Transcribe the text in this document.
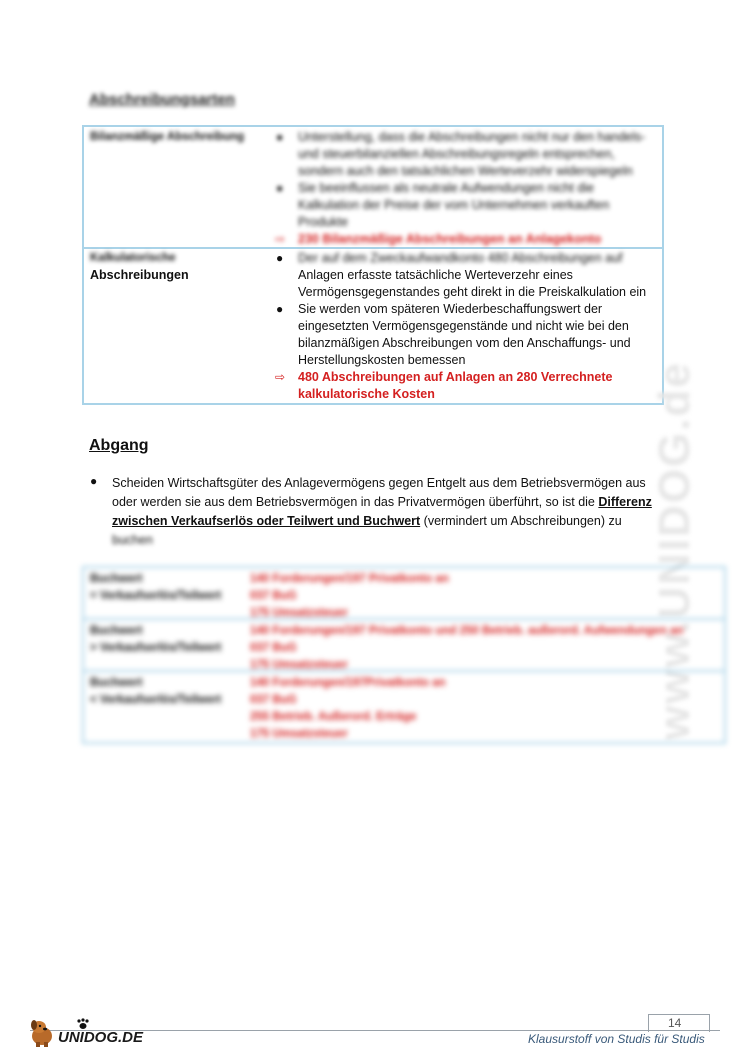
Abschreibungsarten
Bilanzmäßige Abschreibung	● Unterstellung, dass die Abschreibungen nicht nur den handels-
und steuerbilanziellen Abschreibungsregeln entsprechen,
sondern auch den tatsächlichen Werteverzehr widerspiegeln
● Sie beeinflussen als neutrale Aufwendungen nicht die
Kalkulation der Preise der vom Unternehmen verkauften
Produkte
⇨ 230 Bilanzmäßige Abschreibungen an Anlagekonto
Kalkulatorische
Abschreibungen
● Der auf dem Zweckaufwandkonto 480 Abschreibungen auf
Anlagen erfasste tatsächliche Werteverzehr eines
Vermögensgegenstandes geht direkt in die Preiskalkulation ein
● Sie werden vom späteren Wiederbeschaffungswert der
eingesetzten Vermögensgegenstände und nicht wie bei den
bilanzmäßigen Abschreibungen vom den Anschaffungs- und
Herstellungskosten bemessen
⇨ 480 Abschreibungen auf Anlagen an 280 Verrechnete
kalkulatorische Kosten	www.UNIDOG.de
Abgang
● Scheiden Wirtschaftsgüter des Anlagevermögens gegen Entgelt aus dem Betriebsvermögen aus
oder werden sie aus dem Betriebsvermögen in das Privatvermögen überführt, so ist die Differenz
zwischen Verkaufserlös oder Teilwert und Buchwert (vermindert um Abschreibungen) zu
buchen
Buchwert
= Verkaufserlös/Teilwert
140 Forderungen/197 Privatkonto an
037 BuG
175 Umsatzsteuer
Buchwert
> Verkaufserlös/Teilwert
140 Forderungen/197 Privatkonto und 250 Betrieb. außerord. Aufwendungen an
037 BuG
175 Umsatzsteuer
Buchwert
< Verkaufserlös/Teilwert
140 Forderungen/197Privatkonto an
037 BuG
255 Betrieb. Außerord. Erträge
175 Umsatzsteuer
14
Klausurstoff von Studis für Studis
UNIDOG.DE
